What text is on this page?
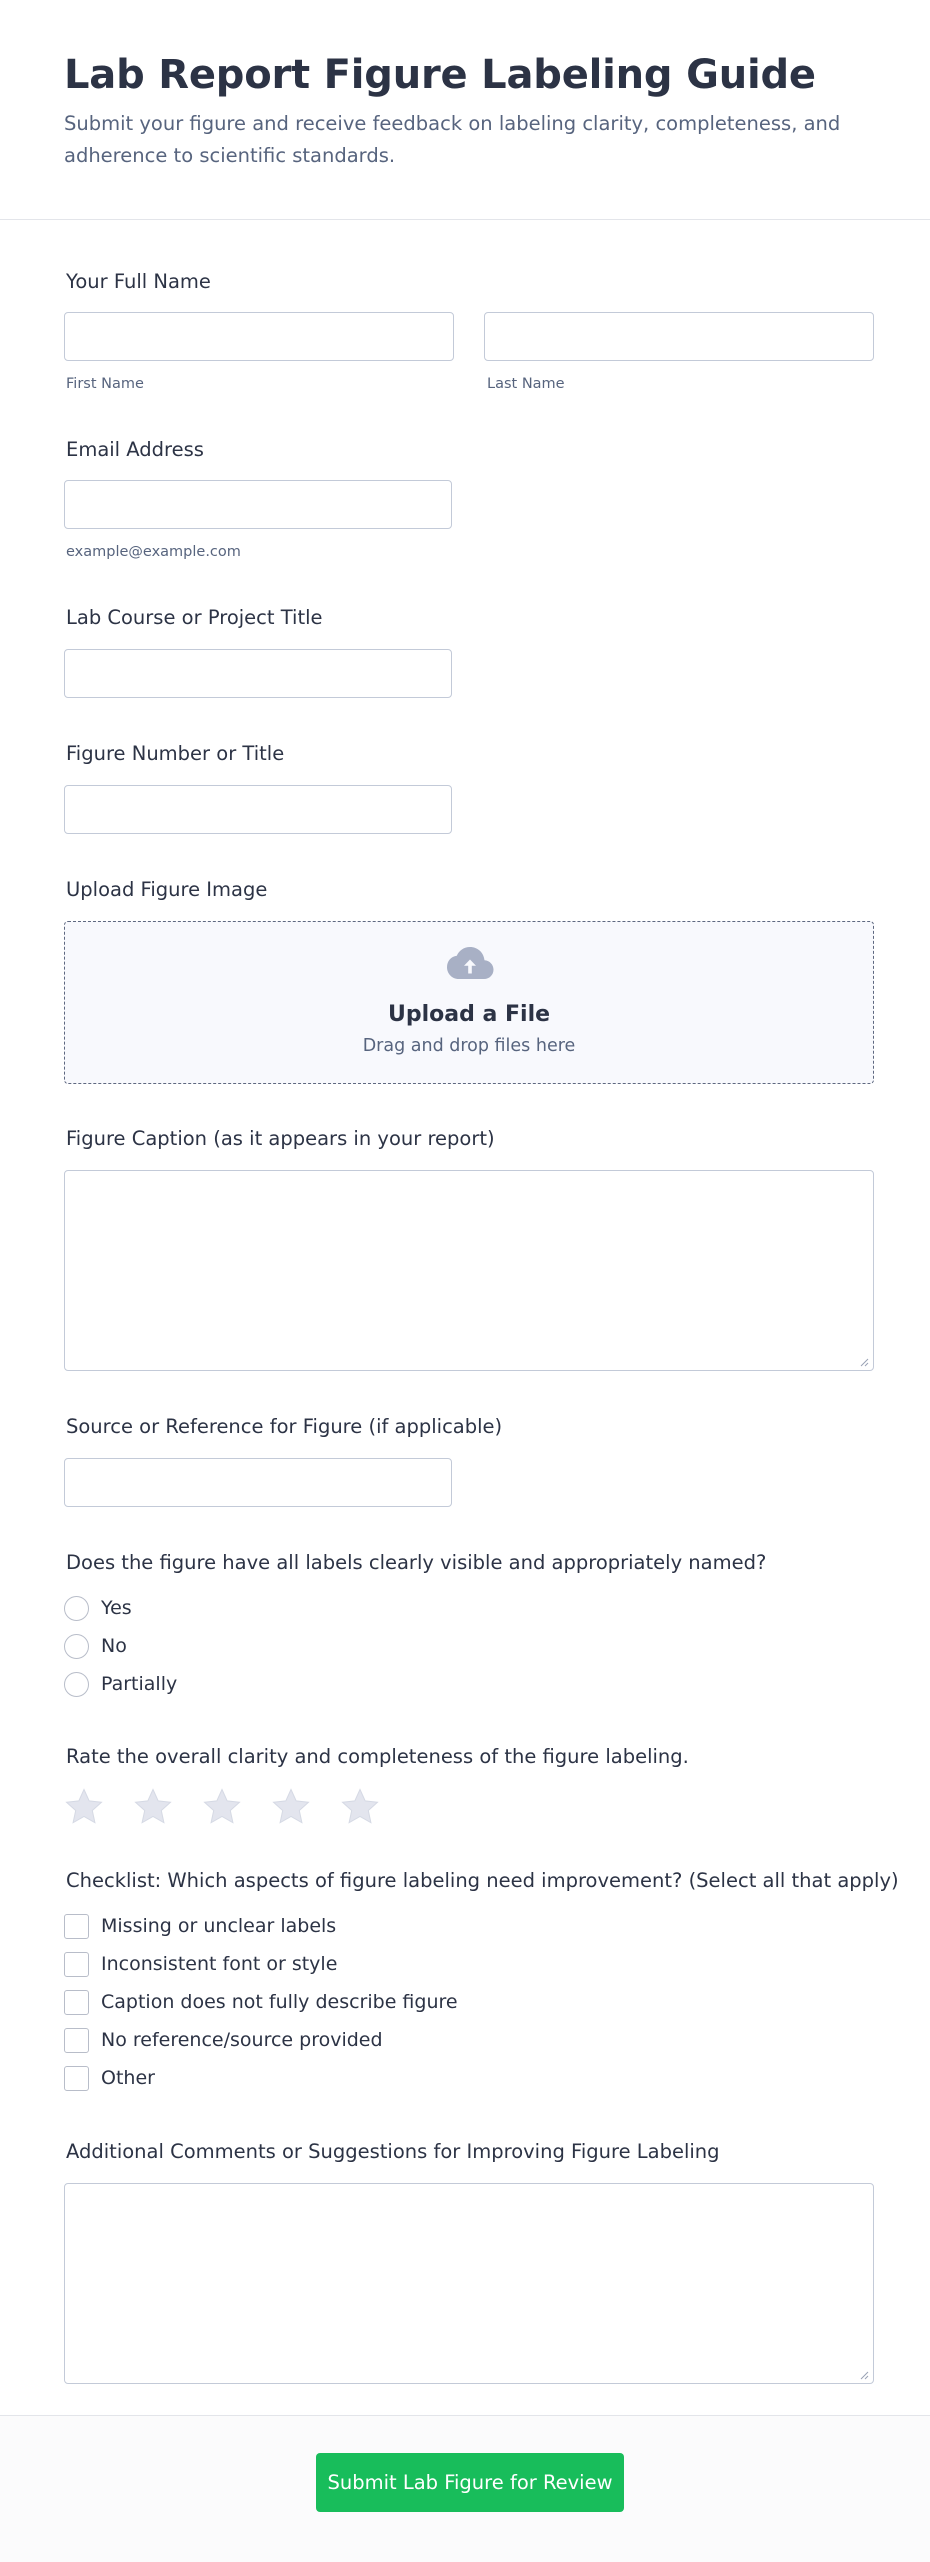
Lab Report Figure Labeling Guide

Submit your figure and receive feedback on labeling clarity, completeness, and adherence to scientific standards.

Your Full Name
First Name	Last Name
Email Address
example@example.com
Lab Course or Project Title
Figure Number or Title
Upload Figure Image
Upload a File
Drag and drop files here
Figure Caption (as it appears in your report)
Source or Reference for Figure (if applicable)
Does the figure have all labels clearly visible and appropriately named?
Yes
No
Partially
Rate the overall clarity and completeness of the figure labeling.
Checklist: Which aspects of figure labeling need improvement? (Select all that apply)
Missing or unclear labels
Inconsistent font or style
Caption does not fully describe figure
No reference/source provided
Other
Additional Comments or Suggestions for Improving Figure Labeling
Submit Lab Figure for Review
